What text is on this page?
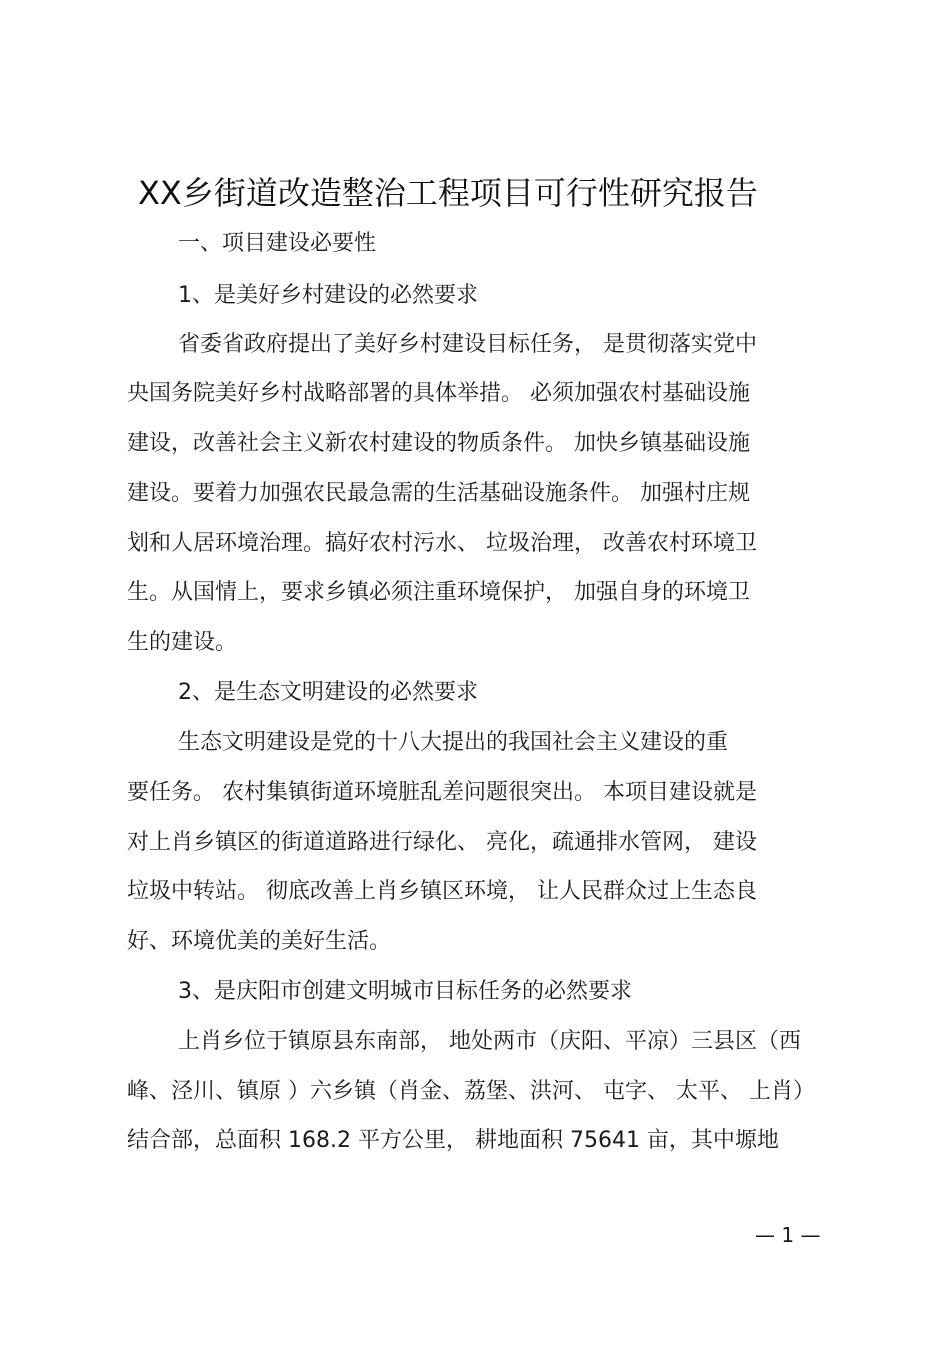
XX乡街道改造整治工程项目可行性研究报告
一、项目建设必要性
1、是美好乡村建设的必然要求
省委省政府提出了美好乡村建设目标任务， 是贯彻落实党中
央国务院美好乡村战略部署的具体举措。 必须加强农村基础设施
建设，改善社会主义新农村建设的物质条件。 加快乡镇基础设施
建设。要着力加强农民最急需的生活基础设施条件。 加强村庄规
划和人居环境治理。搞好农村污水、 垃圾治理， 改善农村环境卫
生。从国情上，要求乡镇必须注重环境保护， 加强自身的环境卫
生的建设。
2、是生态文明建设的必然要求
生态文明建设是党的十八大提出的我国社会主义建设的重
要任务。 农村集镇街道环境脏乱差问题很突出。 本项目建设就是
对上肖乡镇区的街道道路进行绿化、 亮化，疏通排水管网， 建设
垃圾中转站。 彻底改善上肖乡镇区环境， 让人民群众过上生态良
好、环境优美的美好生活。
3、是庆阳市创建文明城市目标任务的必然要求
上肖乡位于镇原县东南部， 地处两市（庆阳、平凉）三县区（西
峰、泾川、镇原 ）六乡镇（肖金、荔堡、洪河、 屯字、 太平、 上肖）
结合部，总面积 168.2 平方公里， 耕地面积 75641 亩，其中塬地
— 1 —
